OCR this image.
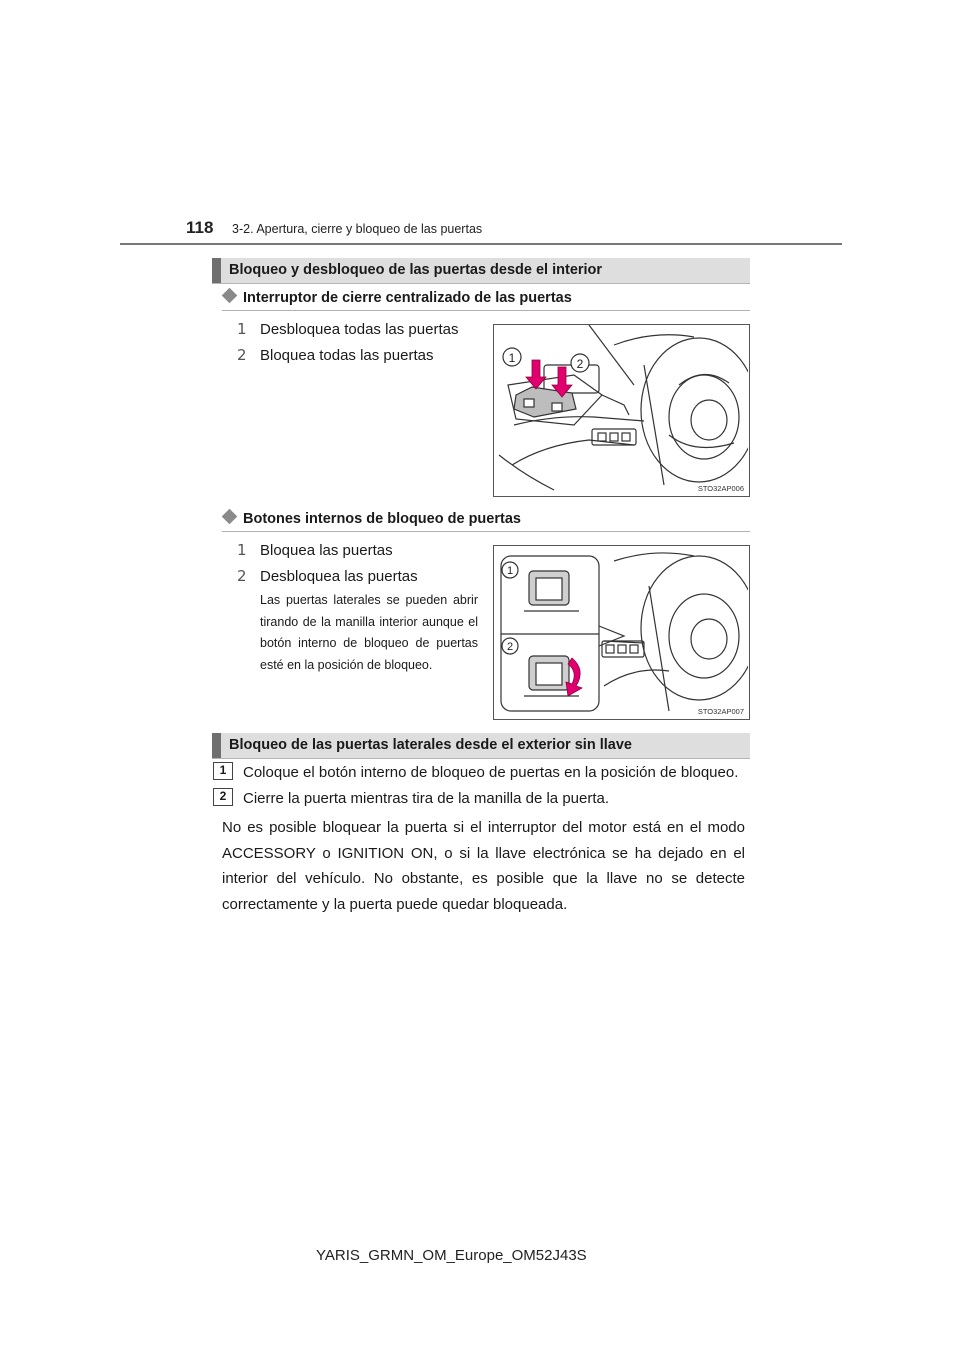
118 3-2. Apertura, cierre y bloqueo de las puertas
Bloqueo y desbloqueo de las puertas desde el interior
Interruptor de cierre centralizado de las puertas
1 Desbloquea todas las puertas
2 Bloquea todas las puertas	1	2
STO32AP006
Botones internos de bloqueo de puertas
1 Bloquea las puertas
2 Desbloquea las puertas
Las puertas laterales se pueden abrir tirando de la manilla interior aunque el botón interno de bloqueo de puertas esté en la posición de bloqueo.
1
2
STO32AP007
Bloqueo de las puertas laterales desde el exterior sin llave
1	Coloque el botón interno de bloqueo de puertas en la posición de bloqueo.
2	Cierre la puerta mientras tira de la manilla de la puerta.
No es posible bloquear la puerta si el interruptor del motor está en el modo ACCESSORY o IGNITION ON, o si la llave electrónica se ha dejado en el interior del vehículo. No obstante, es posible que la llave no se detecte correctamente y la puerta puede quedar bloqueada.
YARIS_GRMN_OM_Europe_OM52J43S
